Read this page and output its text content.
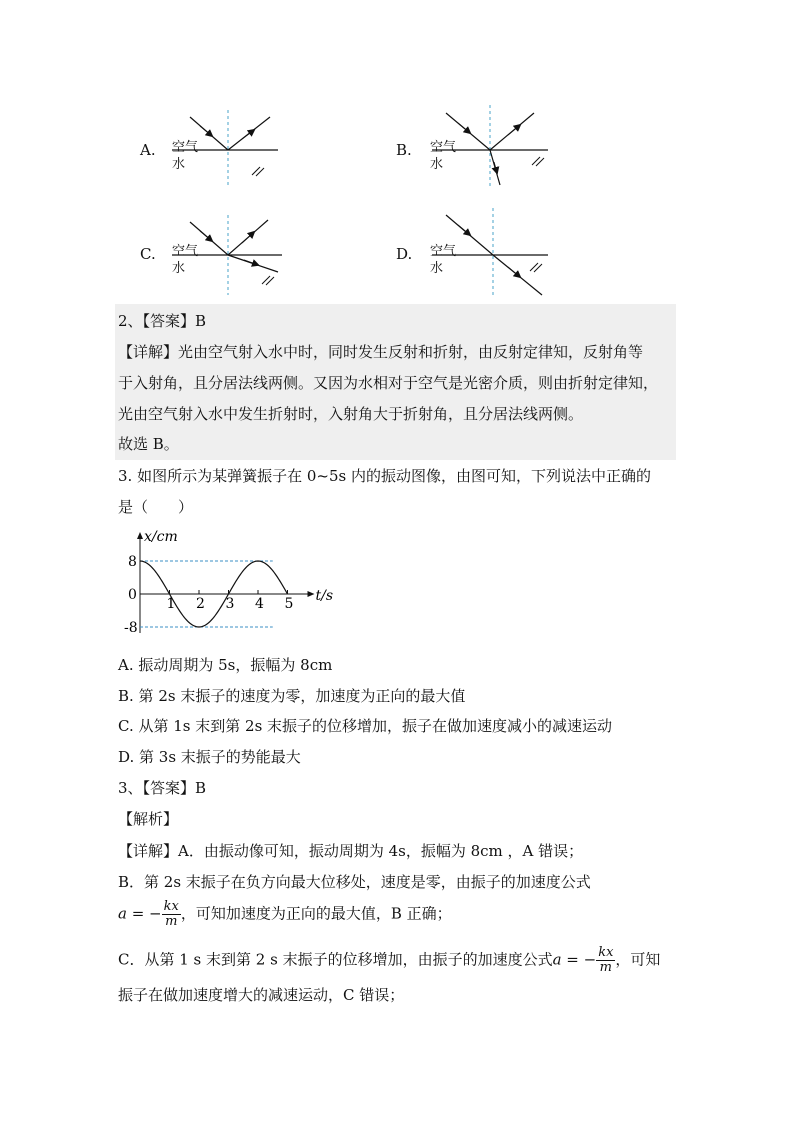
A. 空气
水
B. 空气
水
C. 空气
水
D. 空气
水
2、【答案】B
【详解】光由空气射入水中时，同时发生反射和折射，由反射定律知，反射角等
于入射角，且分居法线两侧。又因为水相对于空气是光密介质，则由折射定律知，
光由空气射入水中发生折射时，入射角大于折射角，且分居法线两侧。
故选 B。
3. 如图所示为某弹簧振子在 0~5s 内的振动图像，由图可知，下列说法中正确的
是（　　）
1 2 3 4 5
8
0
-8
t/s
x/cm
A. 振动周期为 5s，振幅为 8cm
B. 第 2s 末振子的速度为零，加速度为正向的最大值
C. 从第 1s 末到第 2s 末振子的位移增加，振子在做加速度减小的减速运动
D. 第 3s 末振子的势能最大
3、【答案】B
【解析】
【详解】A．由振动像可知，振动周期为 4s，振幅为 8cm ，A 错误；
B．第 2s 末振子在负方向最大位移处，速度是零，由振子的加速度公式
a = − $\frac{kx}{m}$ ，可知加速度为正向的最大值，B 正确；
C．从第 1 s 末到第 2 s 末振子的位移增加，由振子的加速度公式a = − $\frac{kx}{m}$ ，可知
振子在做加速度增大的减速运动，C 错误；
